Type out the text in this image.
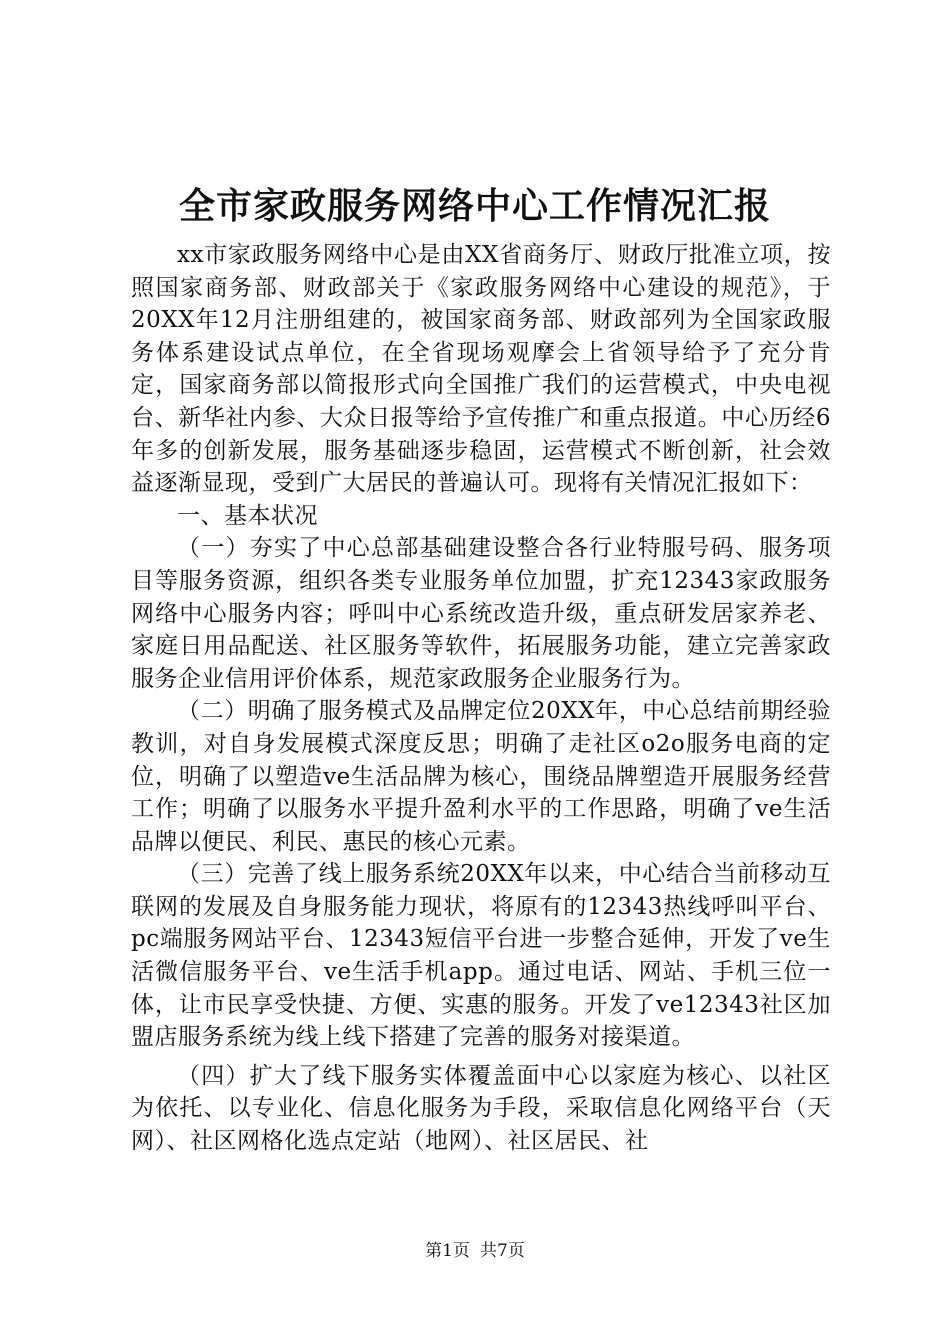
全市家政服务网络中心工作情况汇报

xx市家政服务网络中心是由XX省商务厅、财政厅批准立项，按照国家商务部、财政部关于《家政服务网络中心建设的规范》，于20XX年12月注册组建的，被国家商务部、财政部列为全国家政服务体系建设试点单位，在全省现场观摩会上省领导给予了充分肯定，国家商务部以简报形式向全国推广我们的运营模式，中央电视台、新华社内参、大众日报等给予宣传推广和重点报道。中心历经6年多的创新发展，服务基础逐步稳固，运营模式不断创新，社会效益逐渐显现，受到广大居民的普遍认可。现将有关情况汇报如下：

一、基本状况

（一）夯实了中心总部基础建设整合各行业特服号码、服务项目等服务资源，组织各类专业服务单位加盟，扩充12343家政服务网络中心服务内容；呼叫中心系统改造升级，重点研发居家养老、家庭日用品配送、社区服务等软件，拓展服务功能，建立完善家政服务企业信用评价体系，规范家政服务企业服务行为。

（二）明确了服务模式及品牌定位20XX年，中心总结前期经验教训，对自身发展模式深度反思；明确了走社区o2o服务电商的定位，明确了以塑造ve生活品牌为核心，围绕品牌塑造开展服务经营工作；明确了以服务水平提升盈利水平的工作思路，明确了ve生活品牌以便民、利民、惠民的核心元素。

（三）完善了线上服务系统20XX年以来，中心结合当前移动互联网的发展及自身服务能力现状，将原有的12343热线呼叫平台、pc端服务网站平台、12343短信平台进一步整合延伸，开发了ve生活微信服务平台、ve生活手机app。通过电话、网站、手机三位一体，让市民享受快捷、方便、实惠的服务。开发了ve12343社区加盟店服务系统为线上线下搭建了完善的服务对接渠道。

（四）扩大了线下服务实体覆盖面中心以家庭为核心、以社区为依托、以专业化、信息化服务为手段，采取信息化网络平台（天网）、社区网格化选点定站（地网）、社区居民、社

第1页 共7页
